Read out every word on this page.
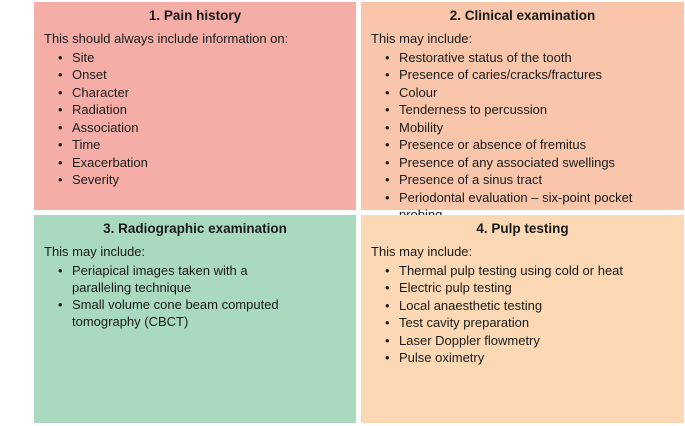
1. Pain history
This should always include information on:
• Site
• Onset
• Character
• Radiation
• Association
• Time
• Exacerbation
• Severity
2. Clinical examination
This may include:
• Restorative status of the tooth
• Presence of caries/cracks/fractures
• Colour
• Tenderness to percussion
• Mobility
• Presence or absence of fremitus
• Presence of any associated swellings
• Presence of a sinus tract
• Periodontal evaluation – six-point pocket
3. Radiographic examination
This may include:
• Periapical images taken with a paralleling technique
• Small volume cone beam computed tomography (CBCT)
4. Pulp testing
This may include:
• Thermal pulp testing using cold or heat
• Electric pulp testing
• Local anaesthetic testing
• Test cavity preparation
• Laser Doppler flowmetry
• Pulse oximetry
